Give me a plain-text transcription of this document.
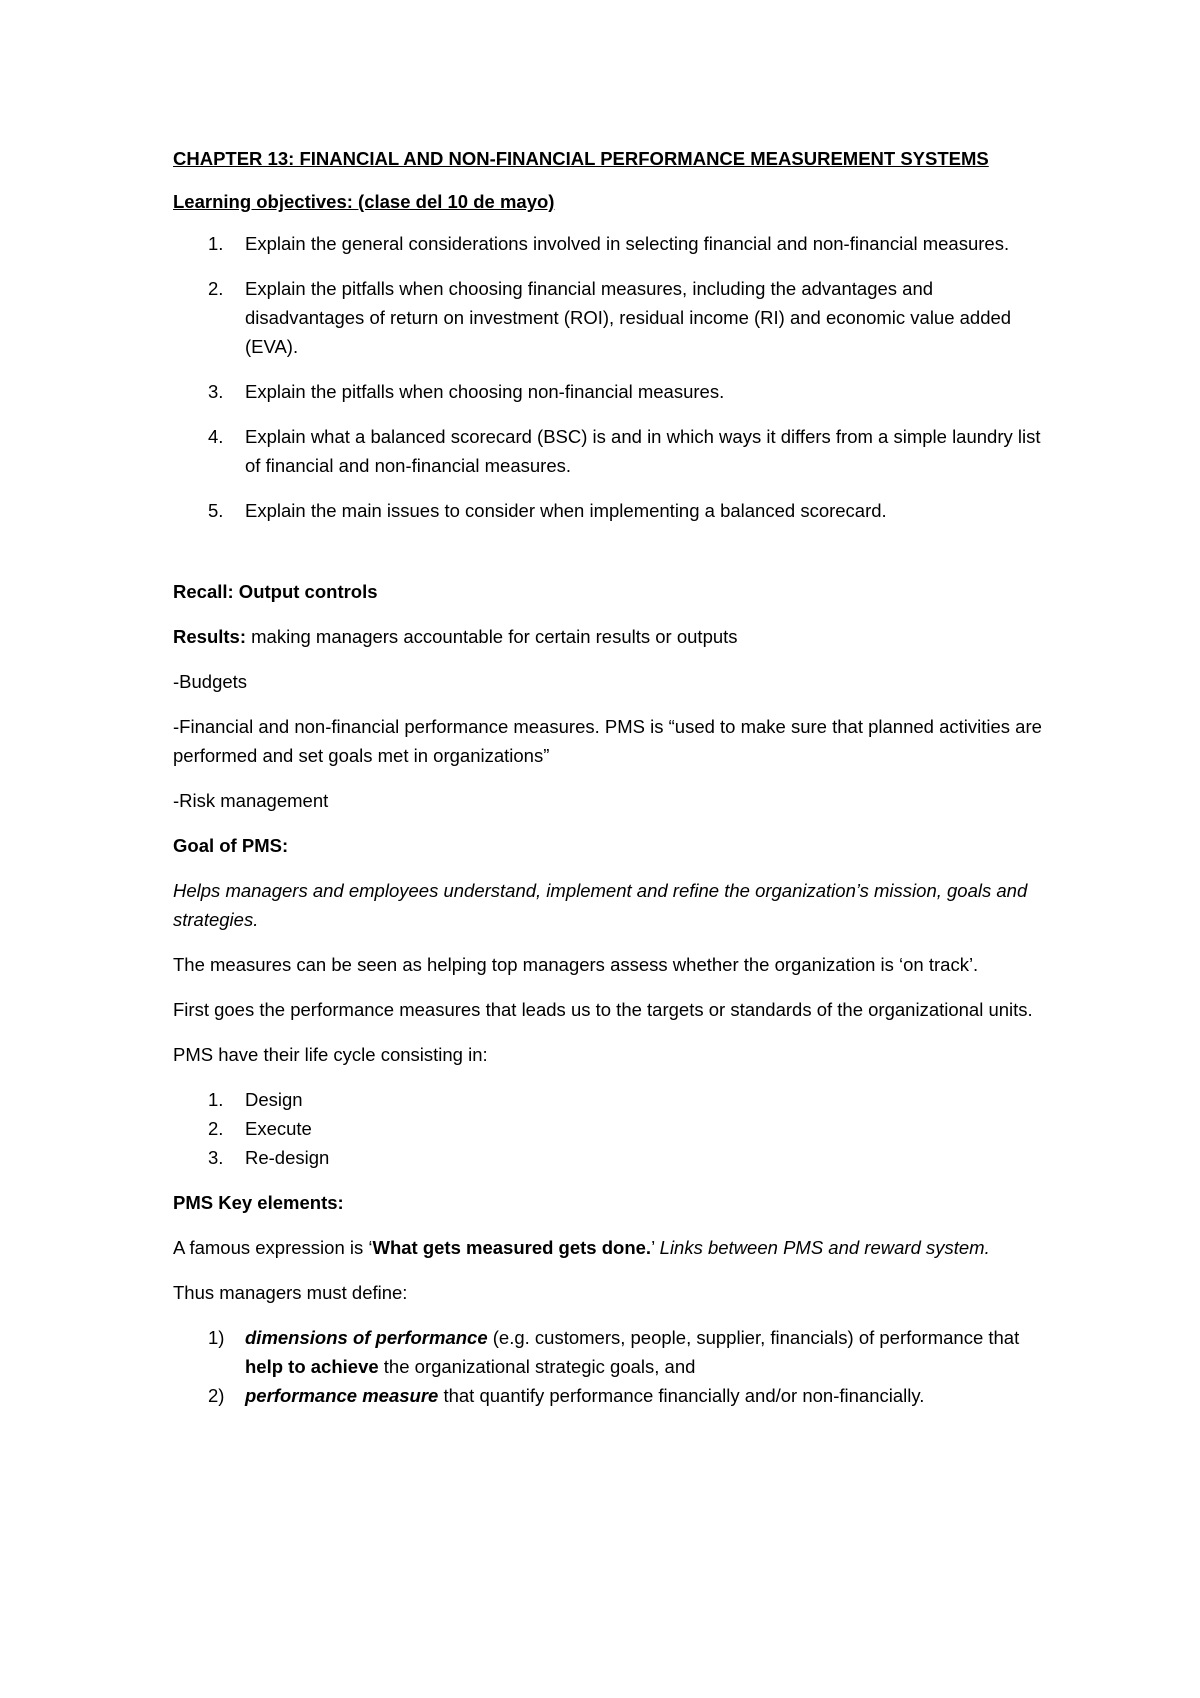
CHAPTER 13: FINANCIAL AND NON-FINANCIAL PERFORMANCE MEASUREMENT SYSTEMS

Learning objectives: (clase del 10 de mayo)

1. Explain the general considerations involved in selecting financial and non-financial measures.
2. Explain the pitfalls when choosing financial measures, including the advantages and disadvantages of return on investment (ROI), residual income (RI) and economic value added (EVA).
3. Explain the pitfalls when choosing non-financial measures.
4. Explain what a balanced scorecard (BSC) is and in which ways it differs from a simple laundry list of financial and non-financial measures.
5. Explain the main issues to consider when implementing a balanced scorecard.

Recall: Output controls

Results: making managers accountable for certain results or outputs

-Budgets

-Financial and non-financial performance measures. PMS is “used to make sure that planned activities are performed and set goals met in organizations”

-Risk management

Goal of PMS:

Helps managers and employees understand, implement and refine the organization’s mission, goals and strategies.

The measures can be seen as helping top managers assess whether the organization is ‘on track’.

First goes the performance measures that leads us to the targets or standards of the organizational units.

PMS have their life cycle consisting in:

1. Design
2. Execute
3. Re-design

PMS Key elements:

A famous expression is ‘What gets measured gets done.’ Links between PMS and reward system.

Thus managers must define:

1) dimensions of performance (e.g. customers, people, supplier, financials) of performance that help to achieve the organizational strategic goals, and
2) performance measure that quantify performance financially and/or non-financially.
